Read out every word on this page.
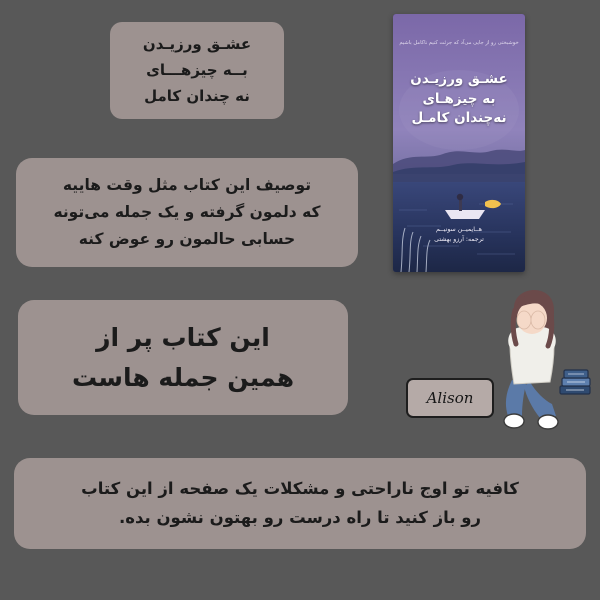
عشـق ورزیـدن
بــه چیزهـــای
نه چندان کامل
توصیف این کتاب مثل وقت هاییه
که دلمون گرفته و یک جمله می‌تونه
حسابی حالمون رو عوض کنه
این کتاب پر از
همین جمله هاست
کافیه تو اوج ناراحتی و مشکلات یک صفحه از این کتاب
رو باز کنید تا راه درست رو بهتون نشون بده.
Alison
خوشبختی رو از جایی می‌آد که جرئت کنیم ناکامل باشیم
عشـق ورزیـدن
به چیزهـای
نه‌چندان کامـل
هــایمیــن سونیــم
ترجمه: آرزو بهشتی
